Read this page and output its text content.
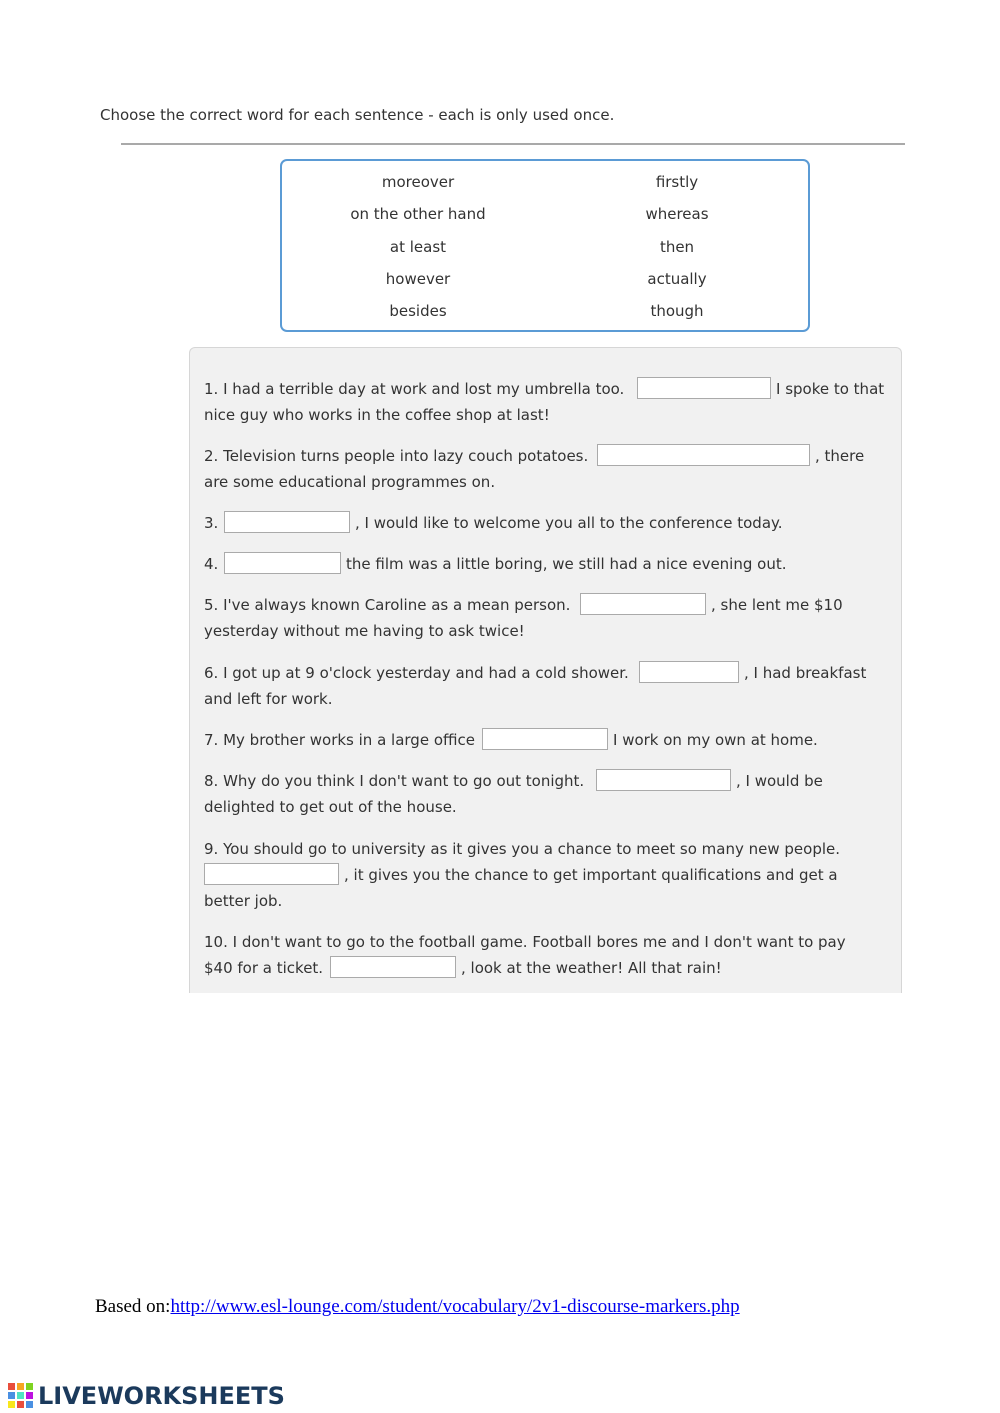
Choose the correct word for each sentence - each is only used once.
moreover	firstly
on the other hand	whereas
at least	then
however	actually
besides	though
1. I had a terrible day at work and lost my umbrella too.	I spoke to that
nice guy who works in the coffee shop at last!
2. Television turns people into lazy couch potatoes.	, there
are some educational programmes on.
3.	, I would like to welcome you all to the conference today.
4.	the film was a little boring, we still had a nice evening out.
5. I've always known Caroline as a mean person.	, she lent me $10
yesterday without me having to ask twice!
6. I got up at 9 o'clock yesterday and had a cold shower.	, I had breakfast
and left for work.
7. My brother works in a large office	I work on my own at home.
8. Why do you think I don't want to go out tonight.	, I would be
delighted to get out of the house.
9. You should go to university as it gives you a chance to meet so many new people.
, it gives you the chance to get important qualifications and get a
better job.
10. I don't want to go to the football game. Football bores me and I don't want to pay
$40 for a ticket.	, look at the weather! All that rain!
Based on:http://www.esl-lounge.com/student/vocabulary/2v1-discourse-markers.php
LIVEWORKSHEETS
